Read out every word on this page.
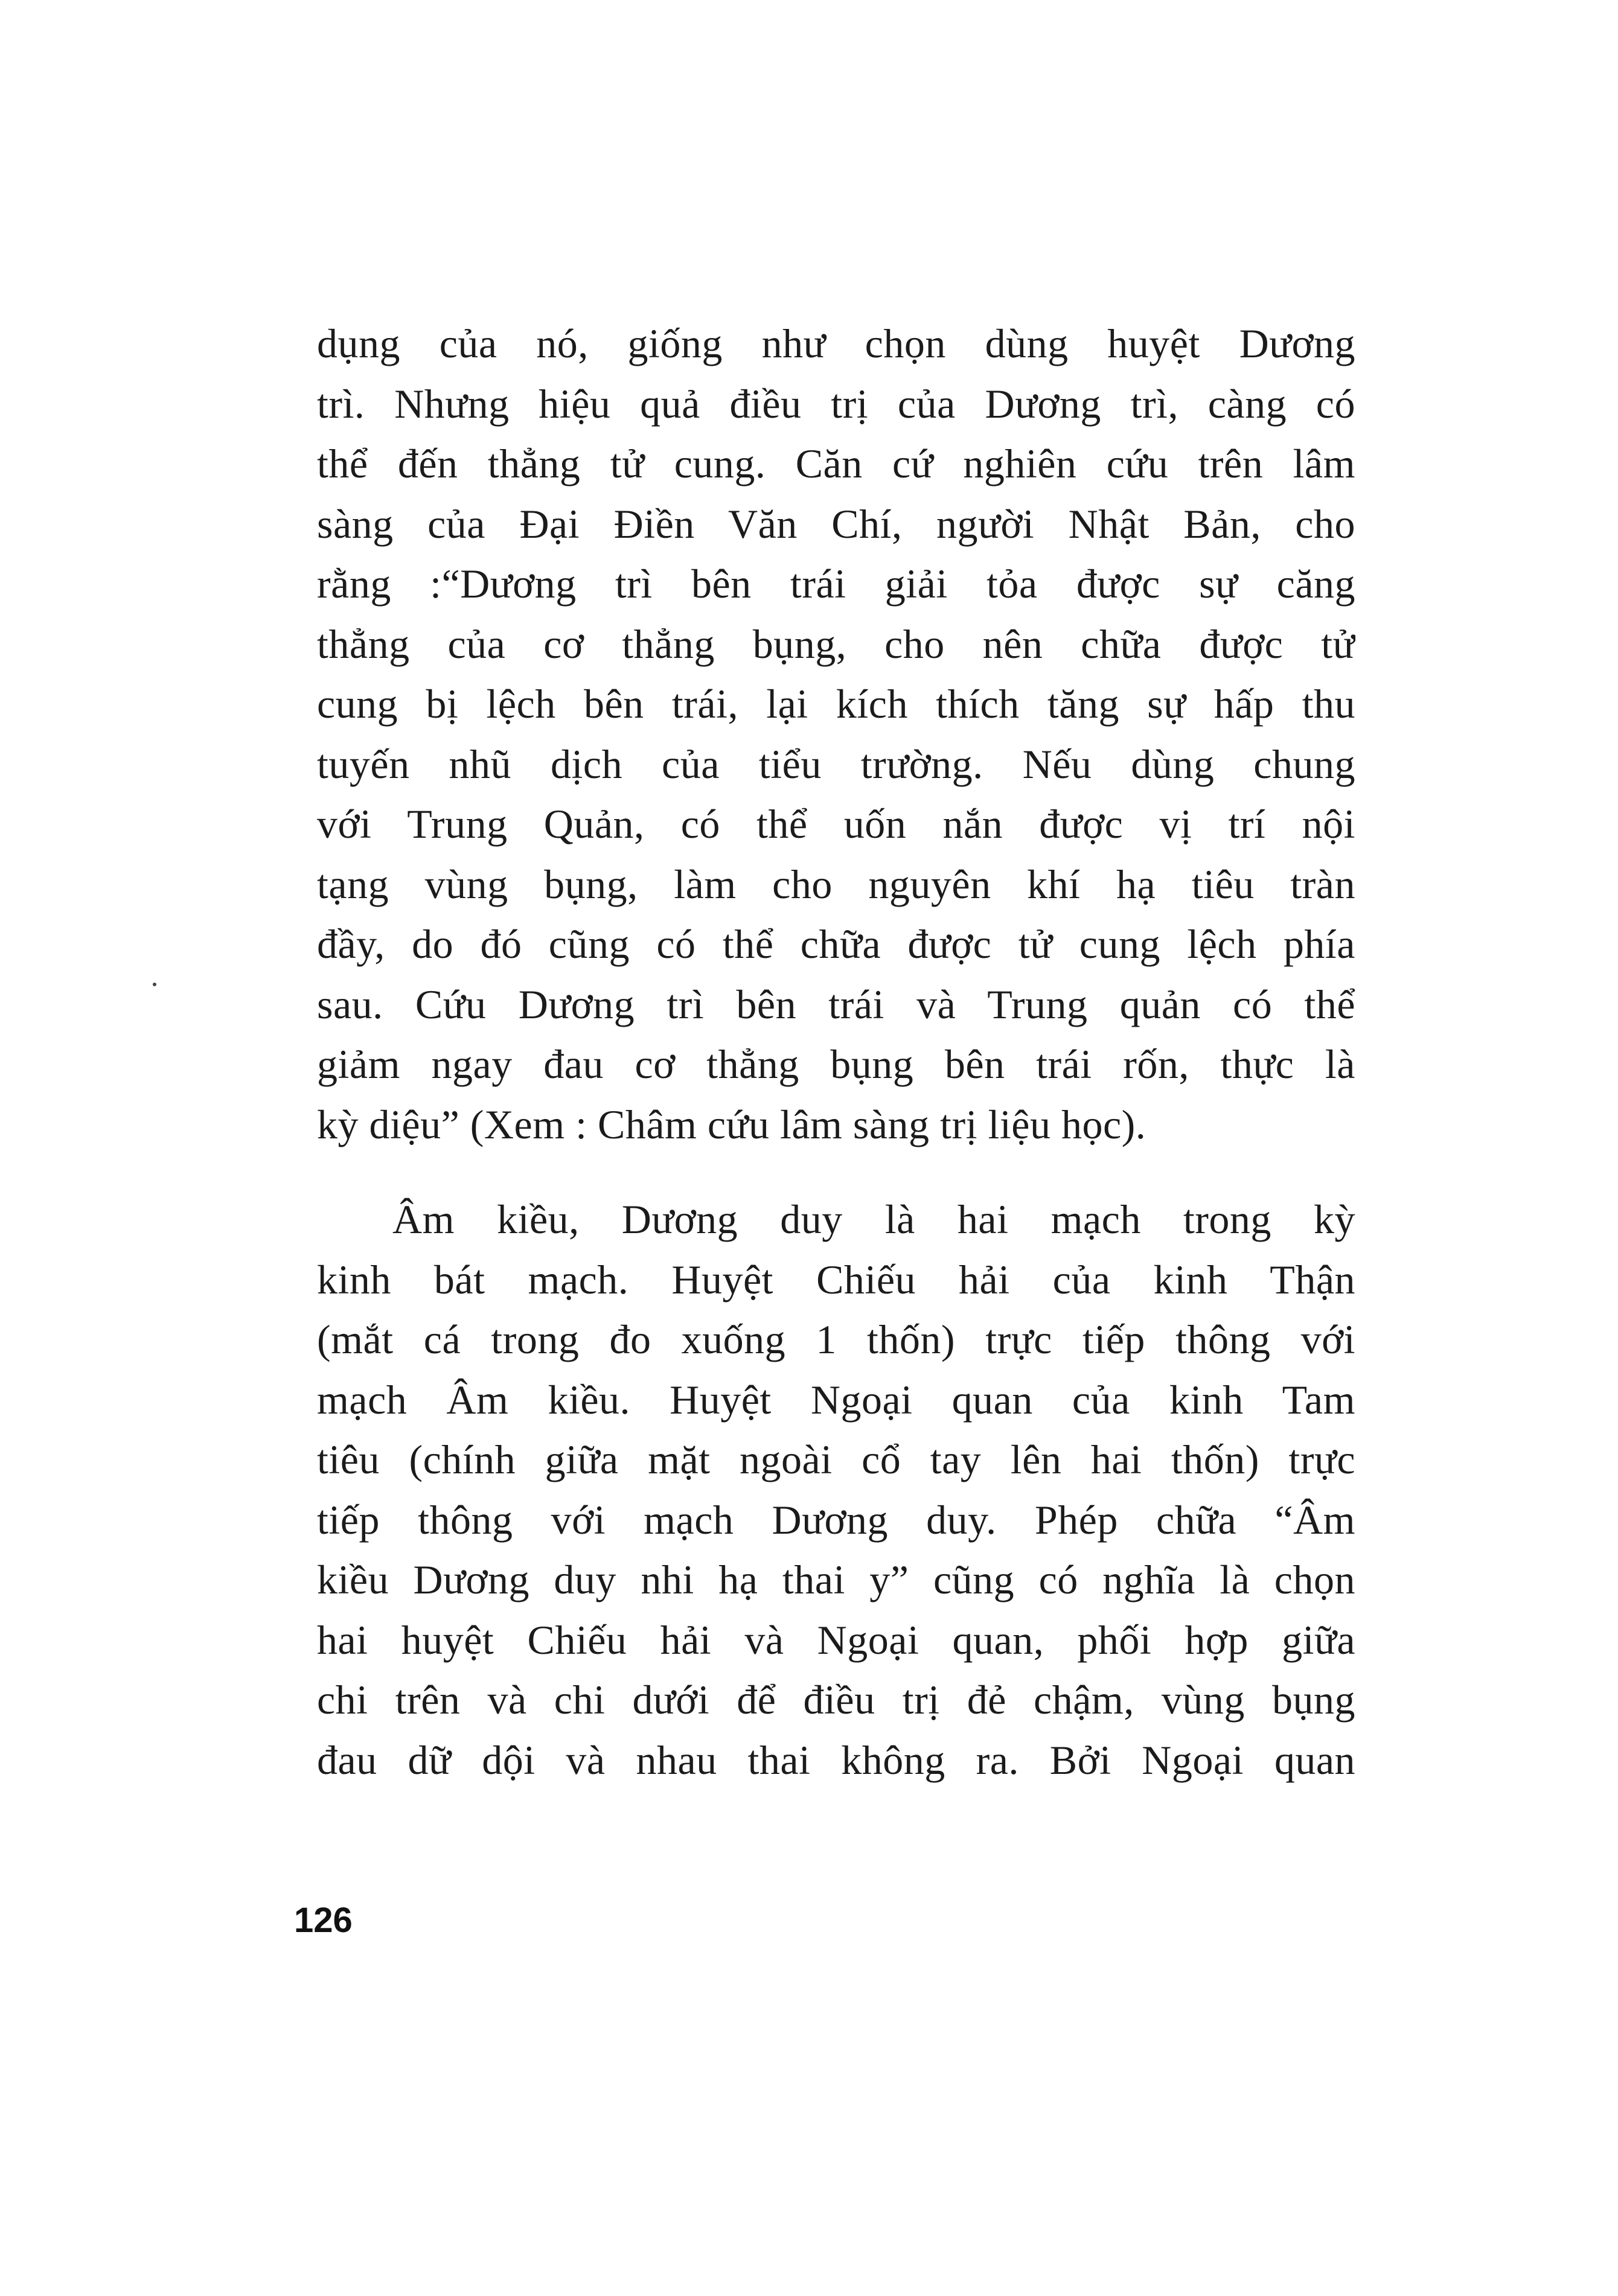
dụng của nó, giống như chọn dùng huyệt Dương
trì. Nhưng hiệu quả điều trị của Dương trì, càng có
thể đến thẳng tử cung. Căn cứ nghiên cứu trên lâm
sàng của Đại Điền Văn Chí, người Nhật Bản, cho
rằng :“Dương trì bên trái giải tỏa được sự căng
thẳng của cơ thẳng bụng, cho nên chữa được tử
cung bị lệch bên trái, lại kích thích tăng sự hấp thu
tuyến nhũ dịch của tiểu trường. Nếu dùng chung
với Trung Quản, có thể uốn nắn được vị trí nội
tạng vùng bụng, làm cho nguyên khí hạ tiêu tràn
đầy, do đó cũng có thể chữa được tử cung lệch phía
sau. Cứu Dương trì bên trái và Trung quản có thể
giảm ngay đau cơ thẳng bụng bên trái rốn, thực là
kỳ diệu” (Xem : Châm cứu lâm sàng trị liệu học).
Âm kiều, Dương duy là hai mạch trong kỳ
kinh bát mạch. Huyệt Chiếu hải của kinh Thận
(mắt cá trong đo xuống 1 thốn) trực tiếp thông với
mạch Âm kiều. Huyệt Ngoại quan của kinh Tam
tiêu (chính giữa mặt ngoài cổ tay lên hai thốn) trực
tiếp thông với mạch Dương duy. Phép chữa “Âm
kiều Dương duy nhi hạ thai y” cũng có nghĩa là chọn
hai huyệt Chiếu hải và Ngoại quan, phối hợp giữa
chi trên và chi dưới để điều trị đẻ chậm, vùng bụng
đau dữ dội và nhau thai không ra. Bởi Ngoại quan
126
